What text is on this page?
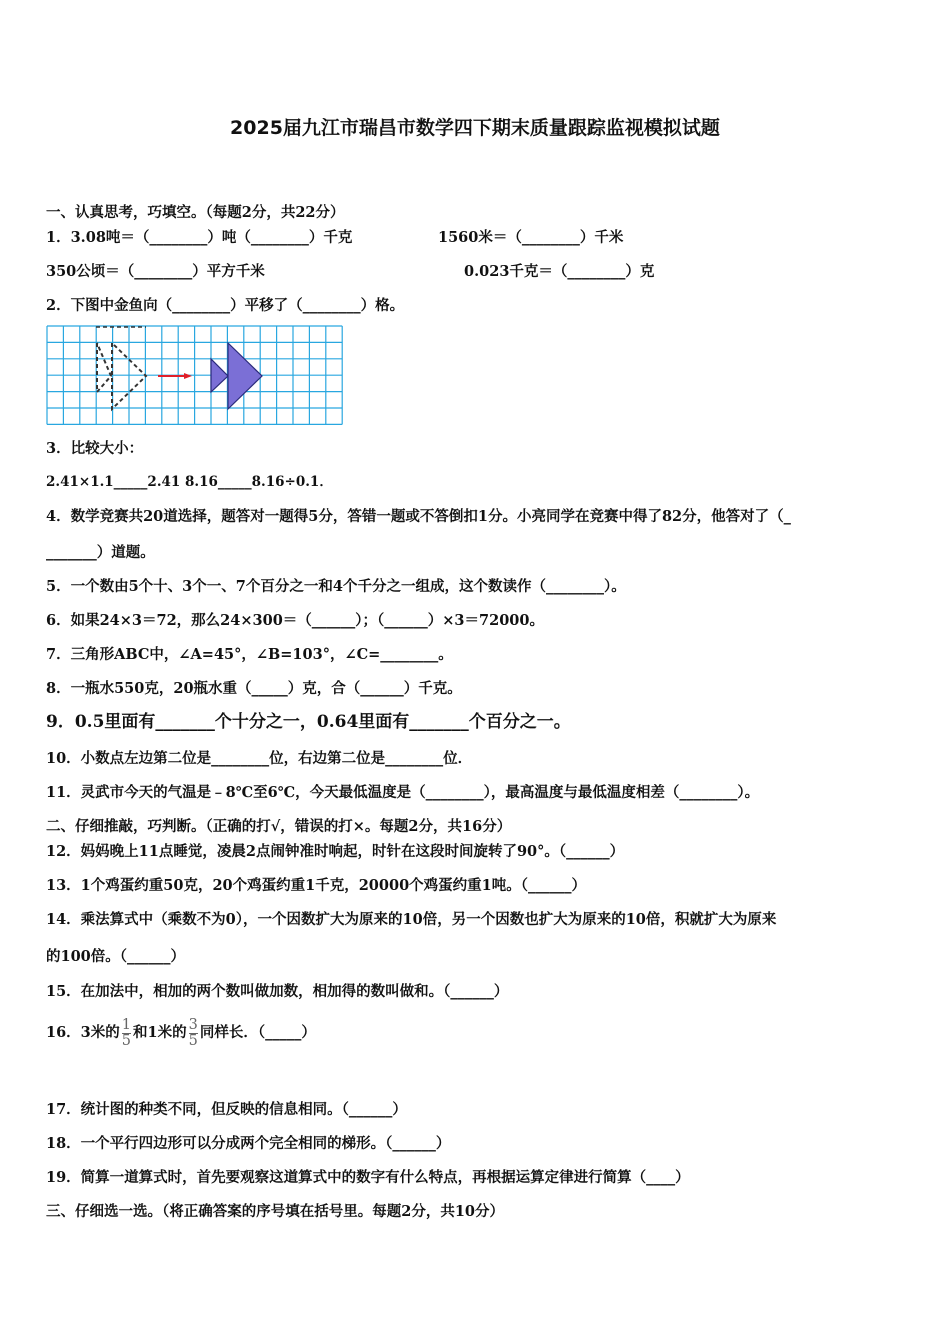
2025届九江市瑞昌市数学四下期末质量跟踪监视模拟试题
一、认真思考，巧填空。（每题2分，共22分）
1．3.08吨＝（________）吨（________）千克	1560米＝（________）千米
350公顷＝（________）平方千米	0.023千克＝（________）克
2．下图中金鱼向（________）平移了（________）格。
3．比较大小：
2.41×1.1_____2.41 8.16_____8.16÷0.1．
4．数学竞赛共20道选择，题答对一题得5分，答错一题或不答倒扣1分。小亮同学在竞赛中得了82分，他答对了（_
_______）道题。
5．一个数由5个十、3个一、7个百分之一和4个千分之一组成，这个数读作（________）。
6．如果24×3＝72，那么24×300＝（______）；（______）×3＝72000。
7．三角形ABC中，∠A=45°，∠B=103°，∠C=________。
8．一瓶水550克，20瓶水重（_____）克，合（______）千克。
9．0.5里面有_______个十分之一，0.64里面有_______个百分之一。
10．小数点左边第二位是________位，右边第二位是________位．
11．灵武市今天的气温是﹣8℃至6℃，今天最低温度是（________），最高温度与最低温度相差（________）。
二、仔细推敲，巧判断。（正确的打√，错误的打×。每题2分，共16分）
12．妈妈晚上11点睡觉，凌晨2点闹钟准时响起，时针在这段时间旋转了90°。（______）
13．1个鸡蛋约重50克，20个鸡蛋约重1千克，20000个鸡蛋约重1吨。（______）
14．乘法算式中（乘数不为0），一个因数扩大为原来的10倍，另一个因数也扩大为原来的10倍，积就扩大为原来
的100倍。（______）
15．在加法中，相加的两个数叫做加数，相加得的数叫做和。（______）
16．3米的 $\frac{1}{5}$ 和1米的 $\frac{3}{5}$ 同样长．（_____）
17．统计图的种类不同，但反映的信息相同。（______）
18．一个平行四边形可以分成两个完全相同的梯形。（______）
19．简算一道算式时，首先要观察这道算式中的数字有什么特点，再根据运算定律进行简算（____）
三、仔细选一选。（将正确答案的序号填在括号里。每题2分，共10分）
